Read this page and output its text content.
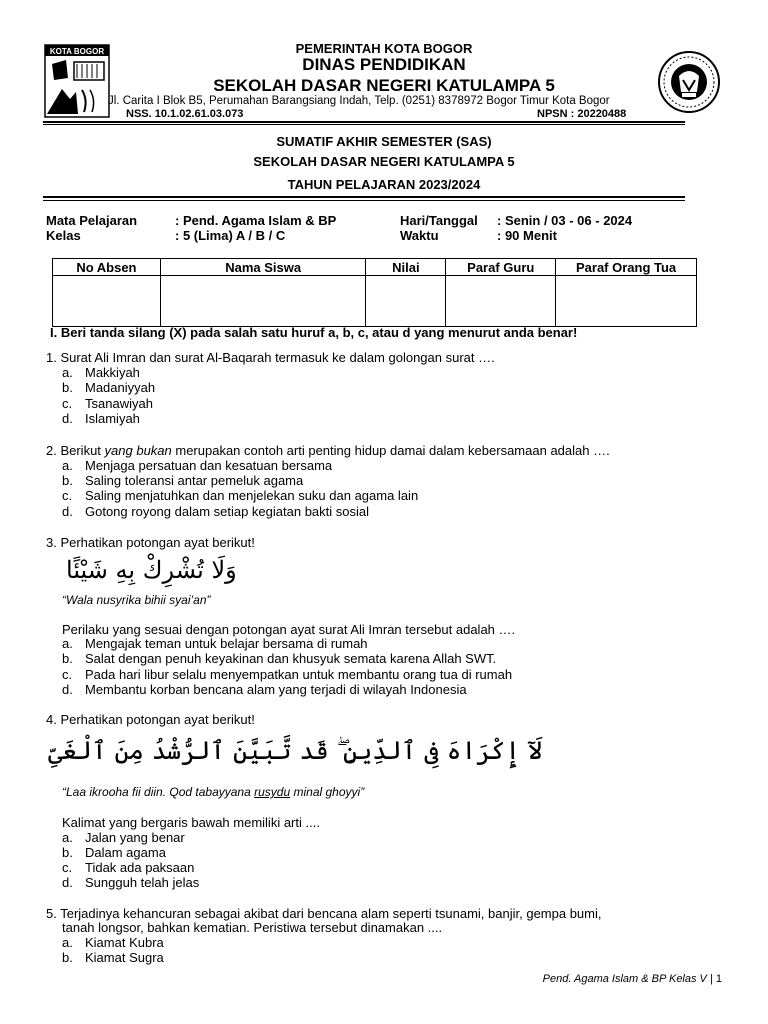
KOTA BOGOR	PEMERINTAH KOTA BOGOR
DINAS PENDIDIKAN
SEKOLAH DASAR NEGERI KATULAMPA 5
Jl. Carita I Blok B5, Perumahan Barangsiang Indah, Telp. (0251) 8378972 Bogor Timur Kota Bogor
NSS. 10.1.02.61.03.073	NPSN : 20220488
SUMATIF AKHIR SEMESTER (SAS)
SEKOLAH DASAR NEGERI KATULAMPA 5
TAHUN PELAJARAN 2023/2024
Mata Pelajaran	: Pend. Agama Islam & BP
Kelas	: 5 (Lima) A / B / C
Hari/Tanggal : Senin / 03 - 06 - 2024
Waktu	: 90 Menit
No Absen	Nama Siswa	Nilai	Paraf Guru	Paraf Orang Tua

I. Beri tanda silang (X) pada salah satu huruf a, b, c, atau d yang menurut anda benar!
1. Surat Ali Imran dan surat Al-Baqarah termasuk ke dalam golongan surat ….
a. Makkiyah
b. Madaniyyah
c. Tsanawiyah
d. Islamiyah
2. Berikut yang bukan merupakan contoh arti penting hidup damai dalam kebersamaan adalah ….
a. Menjaga persatuan dan kesatuan bersama
b. Saling toleransi antar pemeluk agama
c. Saling menjatuhkan dan menjelekan suku dan agama lain
d. Gotong royong dalam setiap kegiatan bakti sosial
3. Perhatikan potongan ayat berikut!
وَلَا تُشْرِكْ بِهِ شَيْئًا
“Wala nusyrika bihii syai’an”
Perilaku yang sesuai dengan potongan ayat surat Ali Imran tersebut adalah ….
a. Mengajak teman untuk belajar bersama di rumah
b. Salat dengan penuh keyakinan dan khusyuk semata karena Allah SWT.
c. Pada hari libur selalu menyempatkan untuk membantu orang tua di rumah
d. Membantu korban bencana alam yang terjadi di wilayah Indonesia
4. Perhatikan potongan ayat berikut!
لَآ إِكْرَاهَ فِى ٱلدِّينِ ۖ قَد تَّبَيَّنَ ٱلرُّشْدُ مِنَ ٱلْغَىِّ
“Laa ikrooha fii diin. Qod tabayyana rusydu minal ghoyyi”
Kalimat yang bergaris bawah memiliki arti ....
a. Jalan yang benar
b. Dalam agama
c. Tidak ada paksaan
d. Sungguh telah jelas
5. Terjadinya kehancuran sebagai akibat dari bencana alam seperti tsunami, banjir, gempa bumi,
tanah longsor, bahkan kematian. Peristiwa tersebut dinamakan ....
a. Kiamat Kubra
b. Kiamat Sugra
Pend. Agama Islam & BP Kelas V | 1
